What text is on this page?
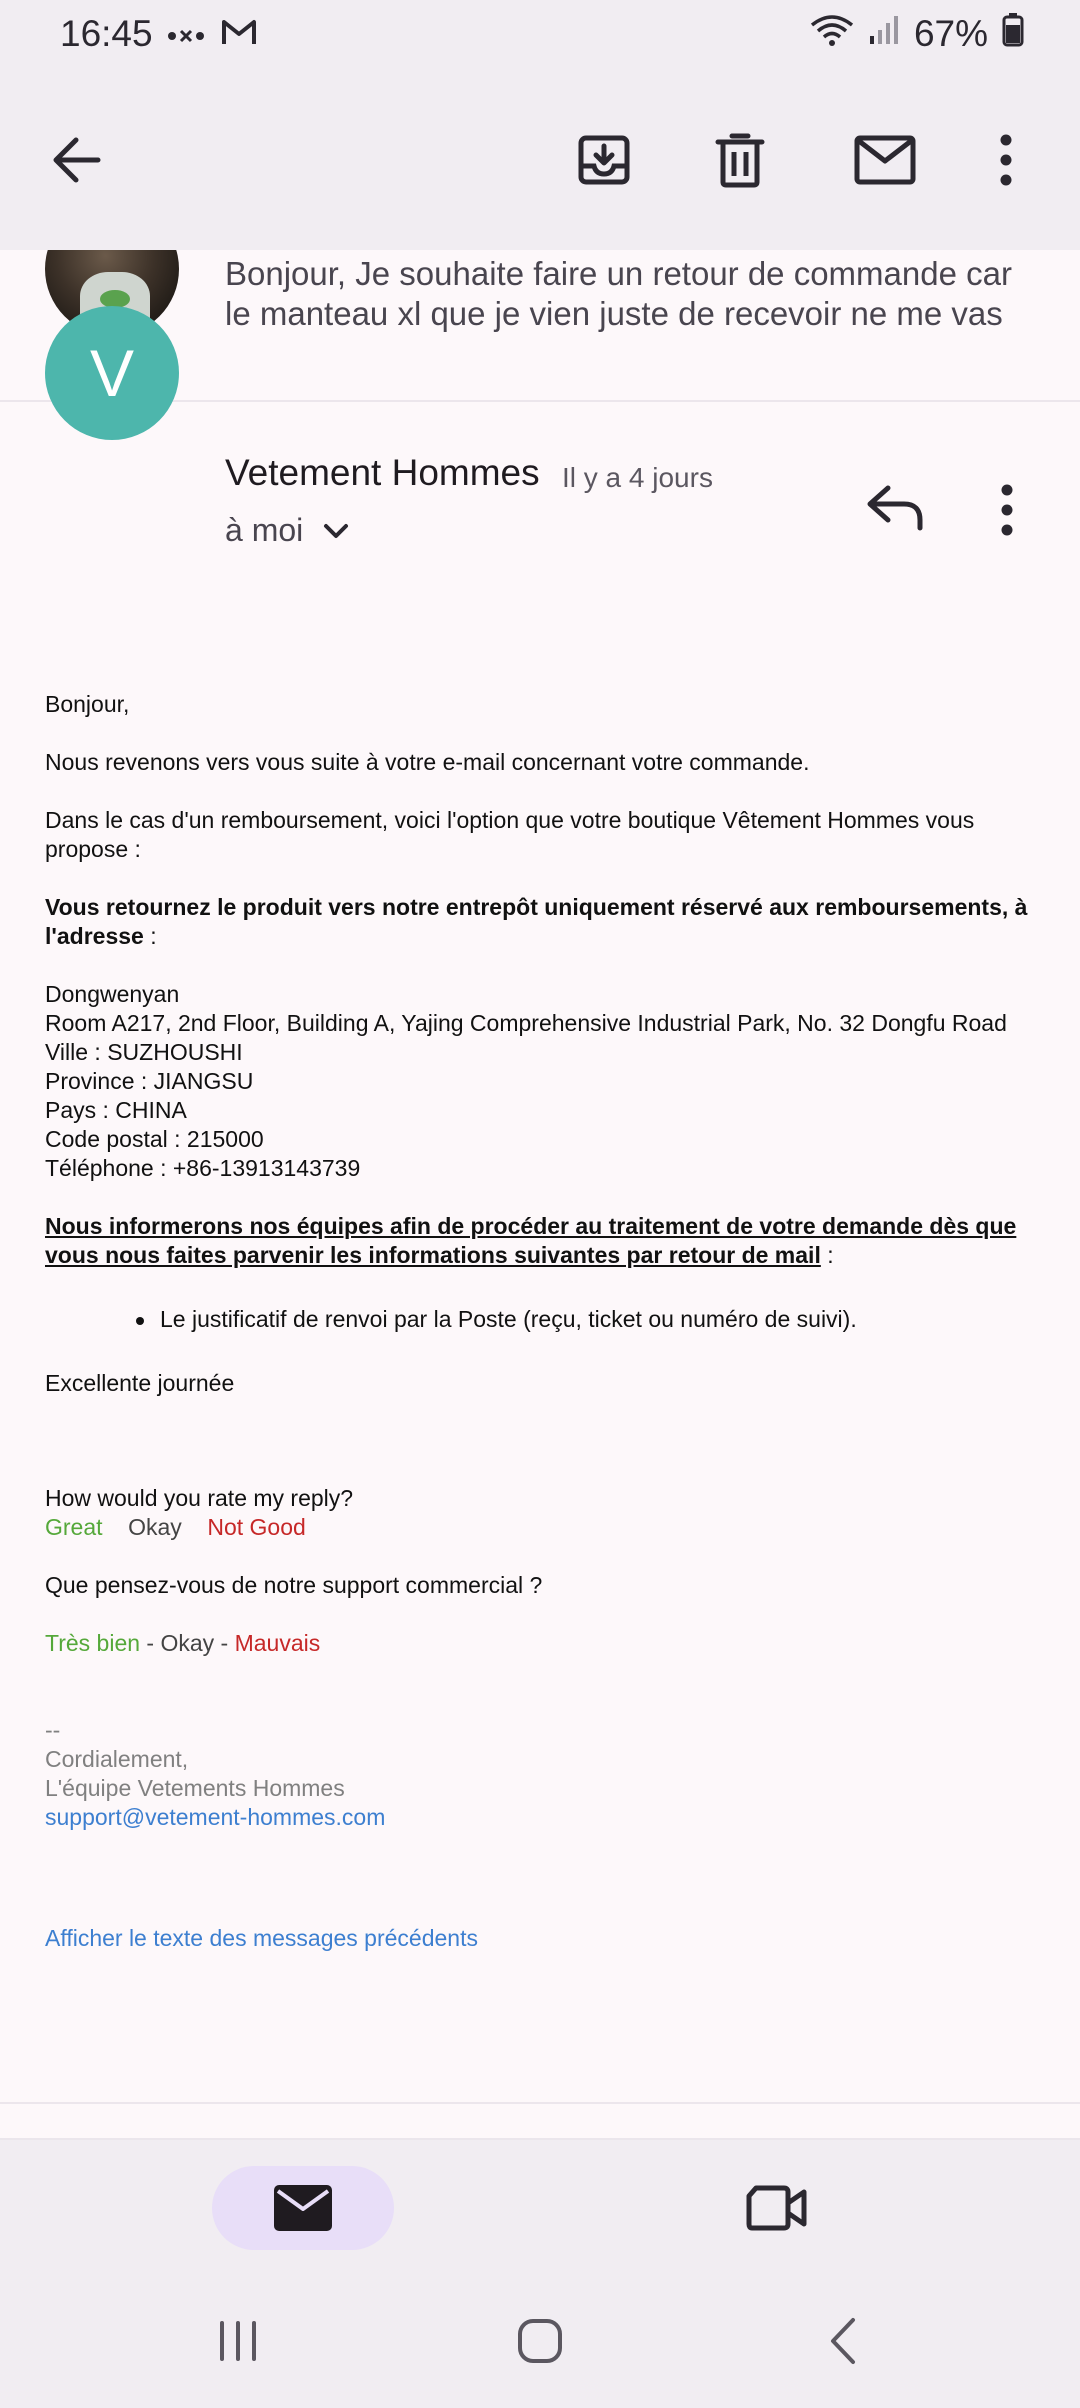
16:45	67%
Bonjour, Je souhaite faire un retour de commande car le manteau xl que je vien juste de recevoir ne me vas
V
Vetement Hommes Il y a 4 jours
à moi

Bonjour,

Nous revenons vers vous suite à votre e-mail concernant votre commande.

Dans le cas d'un remboursement, voici l'option que votre boutique Vêtement Hommes vous propose :

Vous retournez le produit vers notre entrepôt uniquement réservé aux remboursements, à l'adresse :

Dongwenyan

Room A217, 2nd Floor, Building A, Yajing Comprehensive Industrial Park, No. 32 Dongfu Road

Ville : SUZHOUSHI

Province : JIANGSU

Pays : CHINA

Code postal : 215000

Téléphone : +86-13913143739

Nous informerons nos équipes afin de procéder au traitement de votre demande dès que vous nous faites parvenir les informations suivantes par retour de mail :

Le justificatif de renvoi par la Poste (reçu, ticket ou numéro de suivi).

Excellente journée

How would you rate my reply?

Great Okay Not Good

Que pensez-vous de notre support commercial ?

Très bien - Okay - Mauvais

--

Cordialement,

L'équipe Vetements Hommes

support@vetement-hommes.com

Afficher le texte des messages précédents
